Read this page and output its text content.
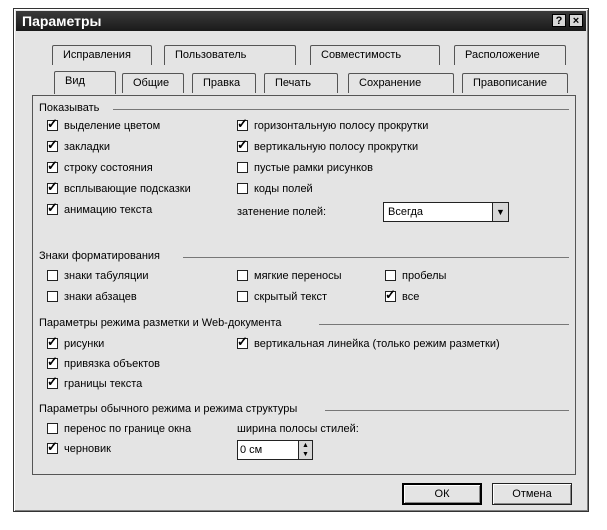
Параметры	? ×
Исправления	Пользователь	Совместимость	Расположение
Вид	Общие	Правка	Печать	Сохранение	Правописание
Показывать
✓ выделение цветом
✓ закладки
✓ строку состояния
✓ всплывающие подсказки
✓ анимацию текста
✓ горизонтальную полосу прокрутки
✓ вертикальную полосу прокрутки
пустые рамки рисунков
коды полей
затенение полей:	Всегда	▼
Знаки форматирования
знаки табуляции	мягкие переносы	пробелы
знаки абзацев	скрытый текст	✓ все
Параметры режима разметки и Web-документа
✓ рисунки	✓ вертикальная линейка (только режим разметки)
✓ привязка объектов
✓ границы текста
Параметры обычного режима и режима структуры
перенос по границе окна	ширина полосы стилей:
✓ черновик	0 см	▲
▼
ОК	Отмена
